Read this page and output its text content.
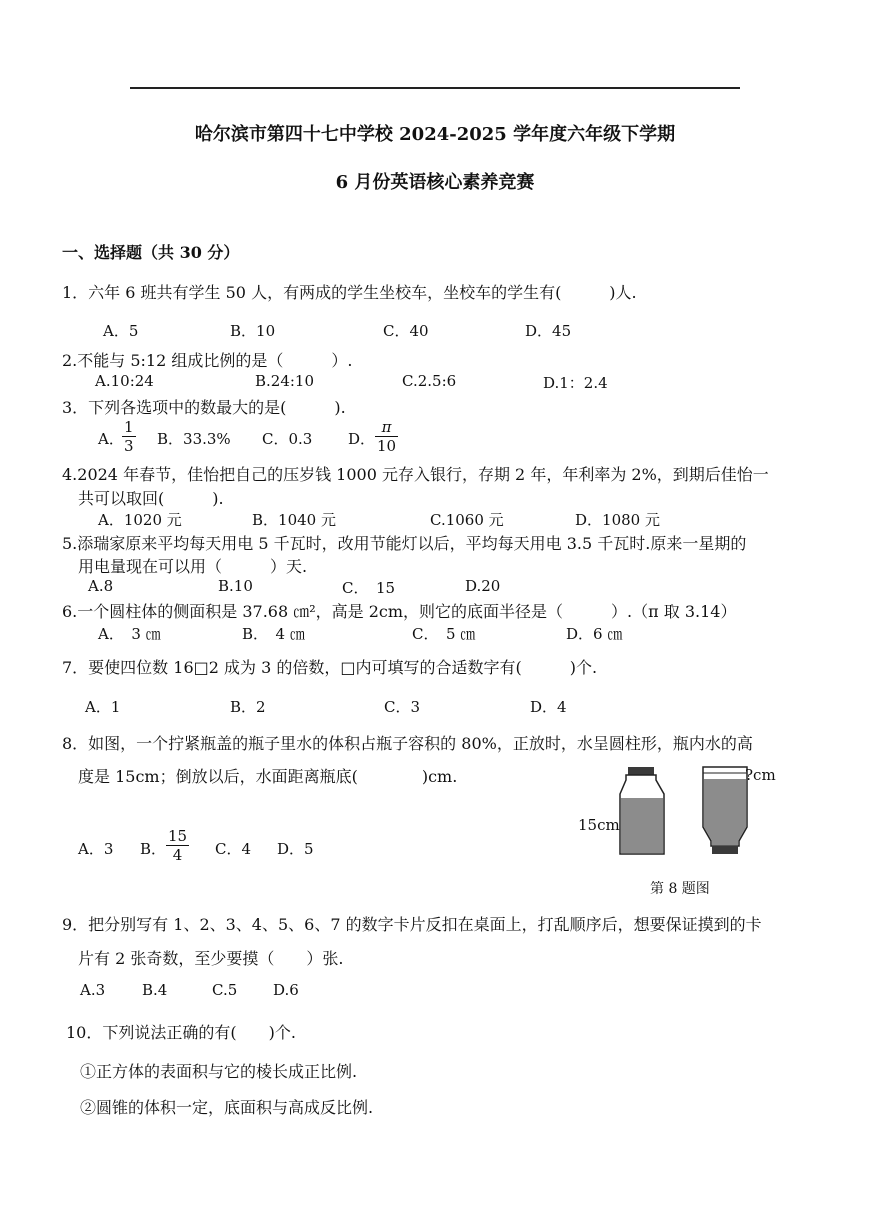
哈尔滨市第四十七中学校 2024-2025 学年度六年级下学期
6 月份英语核心素养竞赛
一、选择题（共 30 分）
1．六年 6 班共有学生 50 人，有两成的学生坐校车，坐校车的学生有(　　　)人.
A．5	B．10	C．40	D．45
2.不能与 5:12 组成比例的是（　　　）.
A.10:24	B.24:10	C.2.5:6	D.1：2.4
3．下列各选项中的数最大的是(　　　).
A．
$\frac{1}{3}$ B．33.3% C．0.3 D． $\frac{\pi}{10}$
4.2024 年春节，佳怡把自己的压岁钱 1000 元存入银行，存期 2 年，年利率为 2%，到期后佳怡一
共可以取回(　　　).
A．1020 元	B．1040 元	C.1060 元	D．1080 元
5.添瑞家原来平均每天用电 5 千瓦时，改用节能灯以后，平均每天用电 3.5 千瓦时.原来一星期的
用电量现在可以用（　　　）天.
A.8	B.10	C．　15	D.20
6.一个圆柱体的侧面积是 37.68 ㎝²，高是 2cm，则它的底面半径是（　　　）.（π 取 3.14）
A．　3 ㎝	B．　4 ㎝	C．　5 ㎝	D．6 ㎝
7．要使四位数 16□2 成为 3 的倍数，□内可填写的合适数字有(　　　)个.
A．1	B．2	C．3	D．4
8．如图，一个拧紧瓶盖的瓶子里水的体积占瓶子容积的 80%，正放时，水呈圆柱形，瓶内水的高
度是 15cm；倒放以后，水面距离瓶底(　　　　)cm.
A．3 B． $\frac{15}{4}$ C．4 D．5
15cm
?cm
第 8 题图
9．把分别写有 1、2、3、4、5、6、7 的数字卡片反扣在桌面上，打乱顺序后，想要保证摸到的卡
片有 2 张奇数，至少要摸（　　）张.
A.3 B.4	C.5 D.6
10．下列说法正确的有(　　)个.
①正方体的表面积与它的棱长成正比例.
②圆锥的体积一定，底面积与高成反比例.
